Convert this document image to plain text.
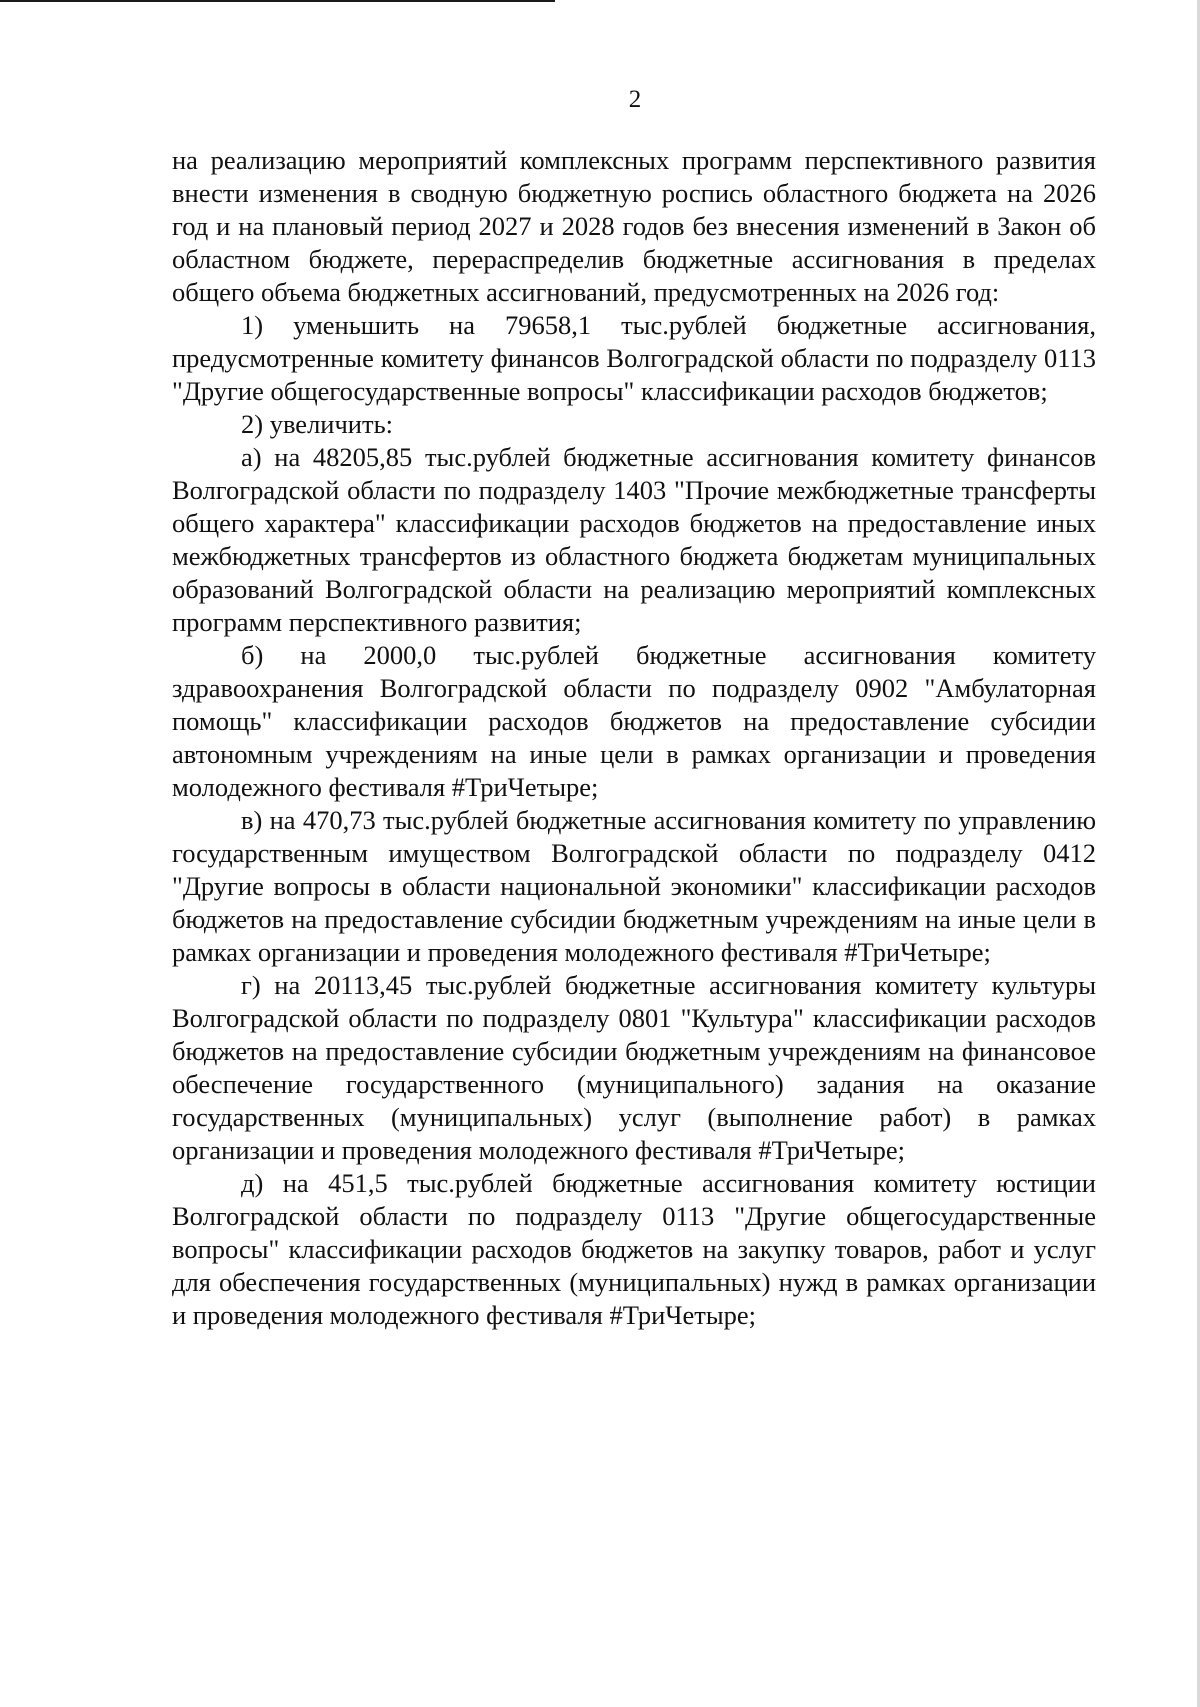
2

на реализацию мероприятий комплексных программ перспективного развития внести изменения в сводную бюджетную роспись областного бюджета на 2026 год и на плановый период 2027 и 2028 годов без внесения изменений в Закон об областном бюджете, перераспределив бюджетные ассигнования в пределах общего объема бюджетных ассигнований, предусмотренных на 2026 год:

1) уменьшить на 79658,1 тыс.рублей бюджетные ассигнования, предусмотренные комитету финансов Волгоградской области по подразделу 0113 "Другие общегосударственные вопросы" классификации расходов бюджетов;

2) увеличить:

а) на 48205,85 тыс.рублей бюджетные ассигнования комитету финансов Волгоградской области по подразделу 1403 "Прочие межбюджетные трансферты общего характера" классификации расходов бюджетов на предоставление иных межбюджетных трансфертов из областного бюджета бюджетам муниципальных образований Волгоградской области на реализацию мероприятий комплексных программ перспективного развития;

б) на 2000,0 тыс.рублей бюджетные ассигнования комитету здравоохранения Волгоградской области по подразделу 0902 "Амбулаторная помощь" классификации расходов бюджетов на предоставление субсидии автономным учреждениям на иные цели в рамках организации и проведения молодежного фестиваля #ТриЧетыре;

в) на 470,73 тыс.рублей бюджетные ассигнования комитету по управлению государственным имуществом Волгоградской области по подразделу 0412 "Другие вопросы в области национальной экономики" классификации расходов бюджетов на предоставление субсидии бюджетным учреждениям на иные цели в рамках организации и проведения молодежного фестиваля #ТриЧетыре;

г) на 20113,45 тыс.рублей бюджетные ассигнования комитету культуры Волгоградской области по подразделу 0801 "Культура" классификации расходов бюджетов на предоставление субсидии бюджетным учреждениям на финансовое обеспечение государственного (муниципального) задания на оказание государственных (муниципальных) услуг (выполнение работ) в рамках организации и проведения молодежного фестиваля #ТриЧетыре;

д) на 451,5 тыс.рублей бюджетные ассигнования комитету юстиции Волгоградской области по подразделу 0113 "Другие общегосударственные вопросы" классификации расходов бюджетов на закупку товаров, работ и услуг для обеспечения государственных (муниципальных) нужд в рамках организации и проведения молодежного фестиваля #ТриЧетыре;
